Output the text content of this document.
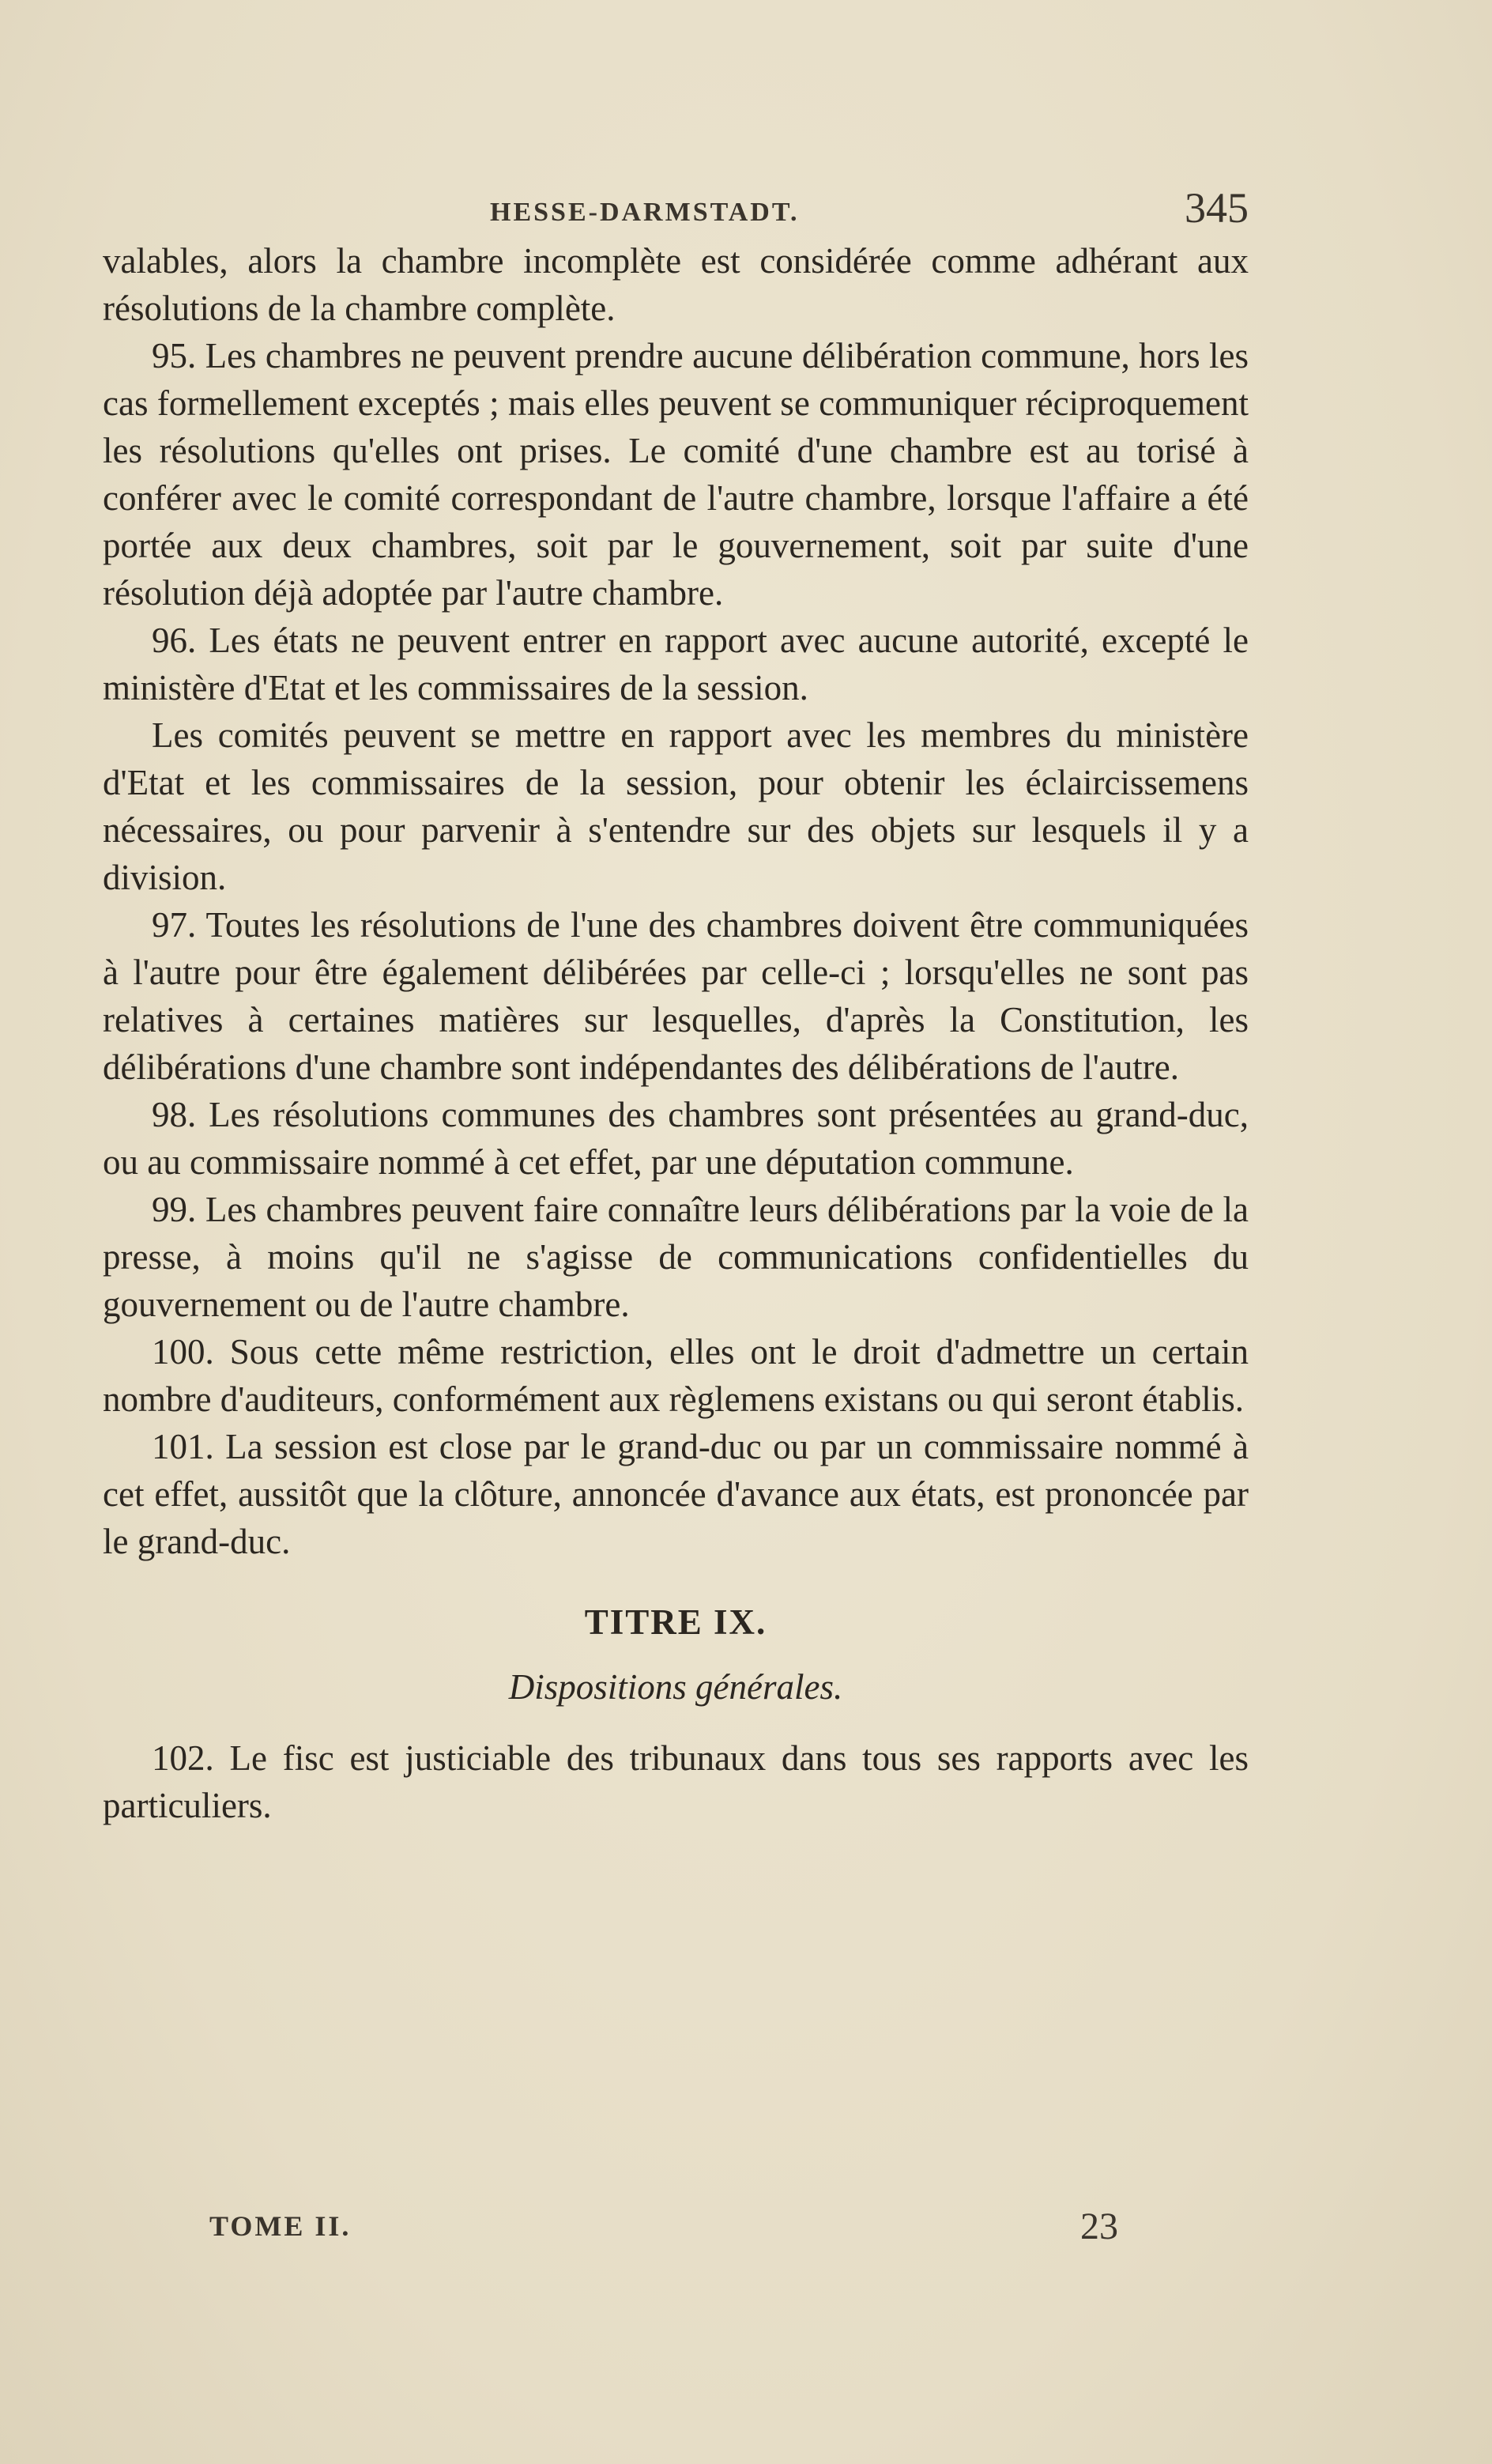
HESSE-DARMSTADT.	345

valables, alors la chambre incomplète est considérée comme adhérant aux résolutions de la chambre complète.

95. Les chambres ne peuvent prendre aucune délibération commune, hors les cas formellement exceptés ; mais elles peuvent se communiquer réciproquement les résolutions qu'elles ont prises. Le comité d'une chambre est au torisé à conférer avec le comité correspondant de l'autre chambre, lorsque l'affaire a été portée aux deux chambres, soit par le gouvernement, soit par suite d'une résolution déjà adoptée par l'autre chambre.

96. Les états ne peuvent entrer en rapport avec aucune autorité, excepté le ministère d'Etat et les commissaires de la session.

Les comités peuvent se mettre en rapport avec les membres du ministère d'Etat et les commissaires de la session, pour obtenir les éclaircissemens nécessaires, ou pour parvenir à s'entendre sur des objets sur lesquels il y a division.

97. Toutes les résolutions de l'une des chambres doivent être communiquées à l'autre pour être également délibérées par celle-ci ; lorsqu'elles ne sont pas relatives à certaines matières sur lesquelles, d'après la Constitution, les délibérations d'une chambre sont indépendantes des délibérations de l'autre.

98. Les résolutions communes des chambres sont présentées au grand-duc, ou au commissaire nommé à cet effet, par une députation commune.

99. Les chambres peuvent faire connaître leurs délibérations par la voie de la presse, à moins qu'il ne s'agisse de communications confidentielles du gouvernement ou de l'autre chambre.

100. Sous cette même restriction, elles ont le droit d'admettre un certain nombre d'auditeurs, conformément aux règlemens existans ou qui seront établis.

101. La session est close par le grand-duc ou par un commissaire nommé à cet effet, aussitôt que la clôture, annoncée d'avance aux états, est prononcée par le grand-duc.

TITRE IX.

Dispositions générales.

102. Le fisc est justiciable des tribunaux dans tous ses rapports avec les particuliers.

TOME II.	23
